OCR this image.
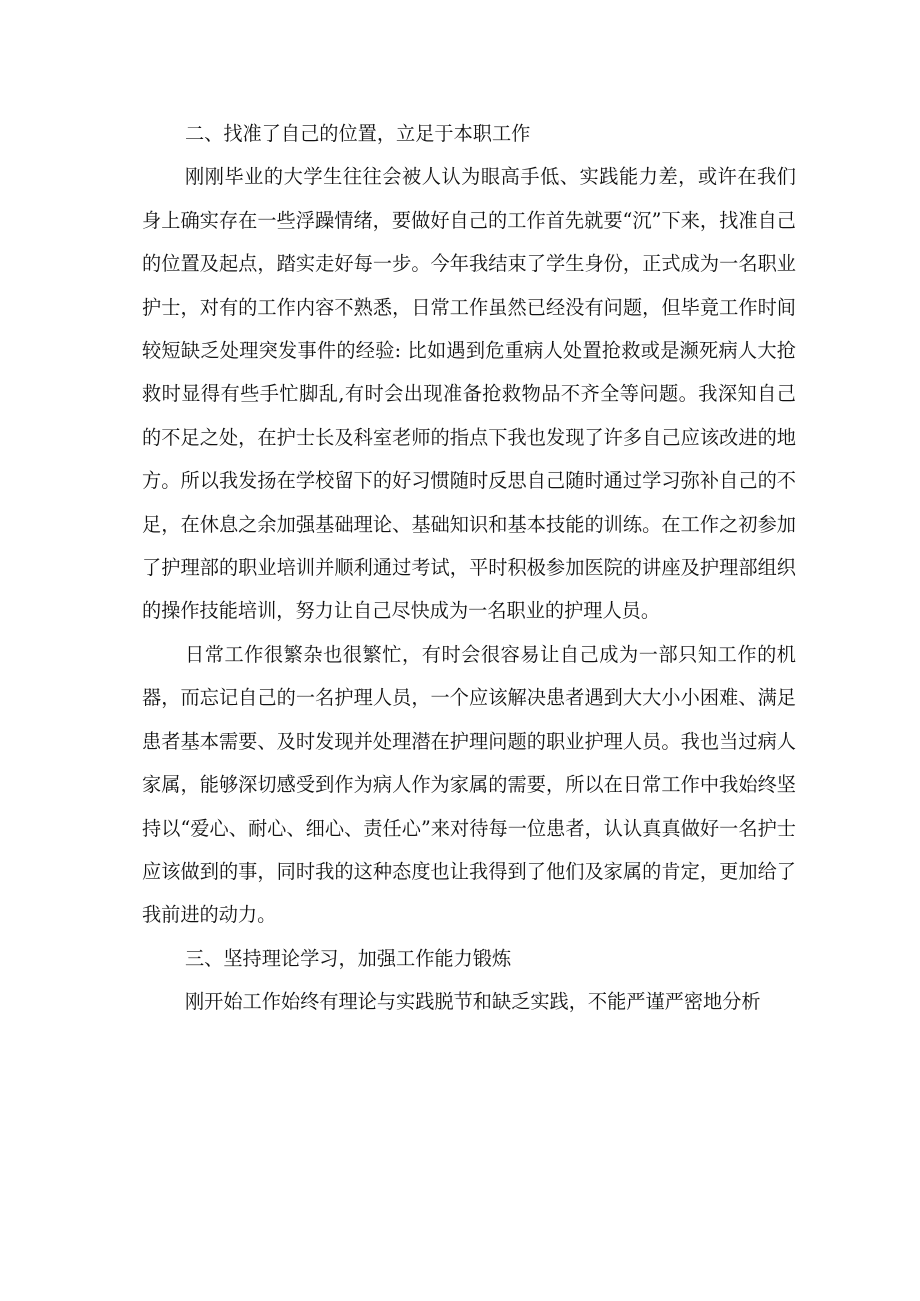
二、找准了自己的位置，立足于本职工作

刚刚毕业的大学生往往会被人认为眼高手低、实践能力差，或许在我们身上确实存在一些浮躁情绪，要做好自己的工作首先就要“沉”下来，找准自己的位置及起点，踏实走好每一步。今年我结束了学生身份，正式成为一名职业护士，对有的工作内容不熟悉，日常工作虽然已经没有问题，但毕竟工作时间较短缺乏处理突发事件的经验: 比如遇到危重病人处置抢救或是濒死病人大抢救时显得有些手忙脚乱,有时会出现准备抢救物品不齐全等问题。我深知自己的不足之处，在护士长及科室老师的指点下我也发现了许多自己应该改进的地方。所以我发扬在学校留下的好习惯随时反思自己随时通过学习弥补自己的不足，在休息之余加强基础理论、基础知识和基本技能的训练。在工作之初参加了护理部的职业培训并顺利通过考试，平时积极参加医院的讲座及护理部组织的操作技能培训，努力让自己尽快成为一名职业的护理人员。

日常工作很繁杂也很繁忙，有时会很容易让自己成为一部只知工作的机器，而忘记自己的一名护理人员，一个应该解决患者遇到大大小小困难、满足患者基本需要、及时发现并处理潜在护理问题的职业护理人员。我也当过病人家属，能够深切感受到作为病人作为家属的需要，所以在日常工作中我始终坚持以“爱心、耐心、细心、责任心”来对待每一位患者，认认真真做好一名护士应该做到的事，同时我的这种态度也让我得到了他们及家属的肯定，更加给了我前进的动力。

三、坚持理论学习，加强工作能力锻炼

刚开始工作始终有理论与实践脱节和缺乏实践，不能严谨严密地分析
